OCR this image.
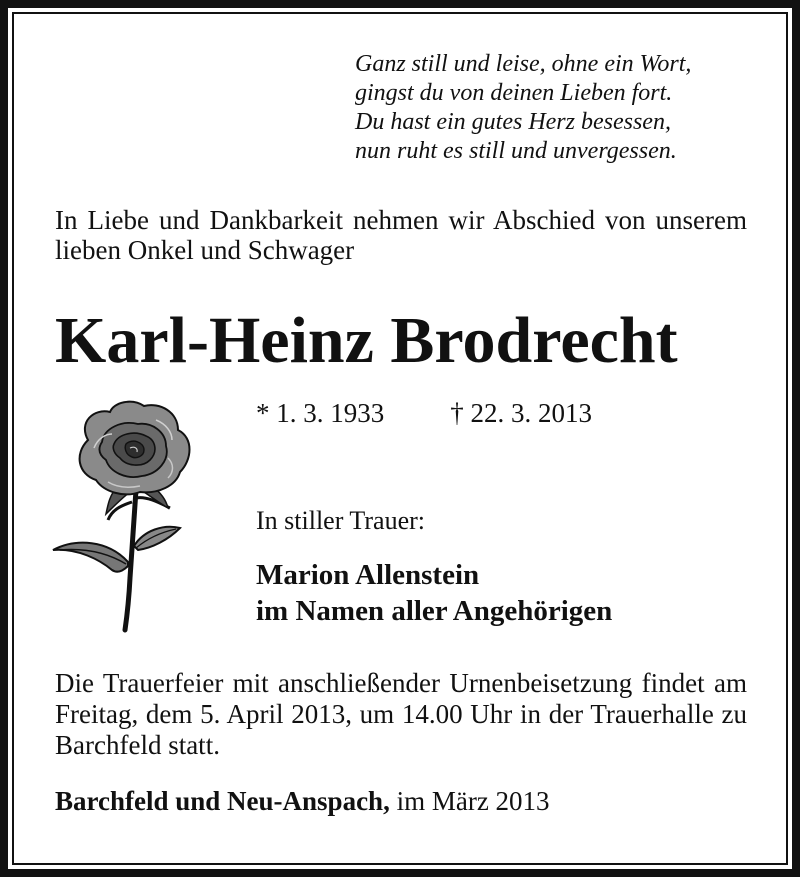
Ganz still und leise, ohne ein Wort,
gingst du von deinen Lieben fort.
Du hast ein gutes Herz besessen,
nun ruht es still und unvergessen.
In Liebe und Dankbarkeit nehmen wir Abschied von unserem lieben Onkel und Schwager
Karl-Heinz Brodrecht
* 1. 3. 1933 † 22. 3. 2013
In stiller Trauer:
Marion Allenstein
im Namen aller Angehörigen
Die Trauerfeier mit anschließender Urnenbeisetzung findet am Freitag, dem 5. April 2013, um 14.00 Uhr in der Trauerhalle zu Barchfeld statt.
Barchfeld und Neu-Anspach, im März 2013
